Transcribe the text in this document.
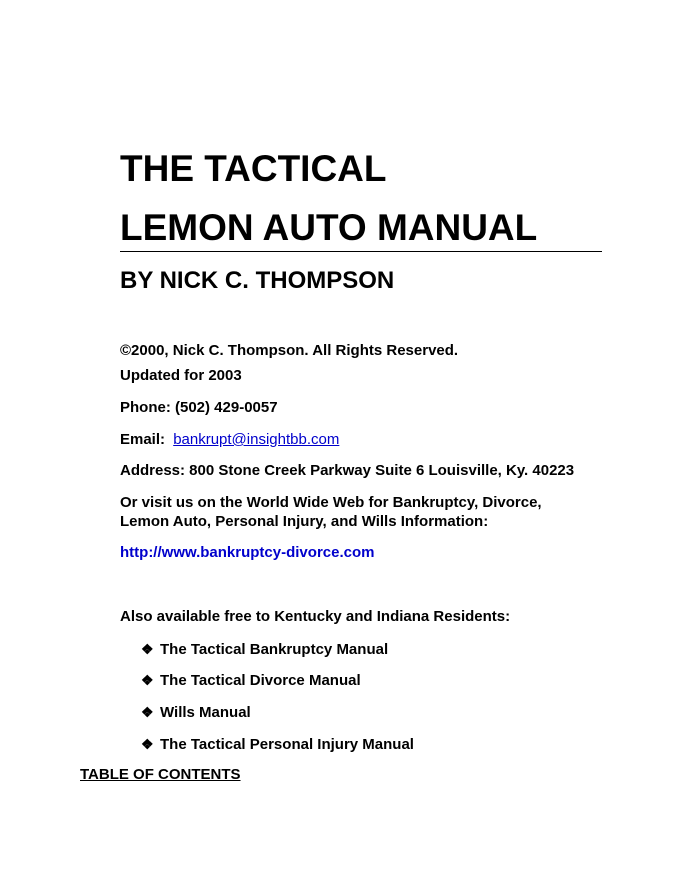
THE TACTICAL
LEMON AUTO MANUAL
BY NICK C. THOMPSON
©2000, Nick C. Thompson. All Rights Reserved.
Updated for 2003
Phone: (502) 429-0057
Email: bankrupt@insightbb.com
Address: 800 Stone Creek Parkway Suite 6 Louisville, Ky. 40223
Or visit us on the World Wide Web for Bankruptcy, Divorce,
Lemon Auto, Personal Injury, and Wills Information:
http://www.bankruptcy-divorce.com
Also available free to Kentucky and Indiana Residents:
❖ The Tactical Bankruptcy Manual
❖ The Tactical Divorce Manual
❖ Wills Manual
❖ The Tactical Personal Injury Manual
TABLE OF CONTENTS
